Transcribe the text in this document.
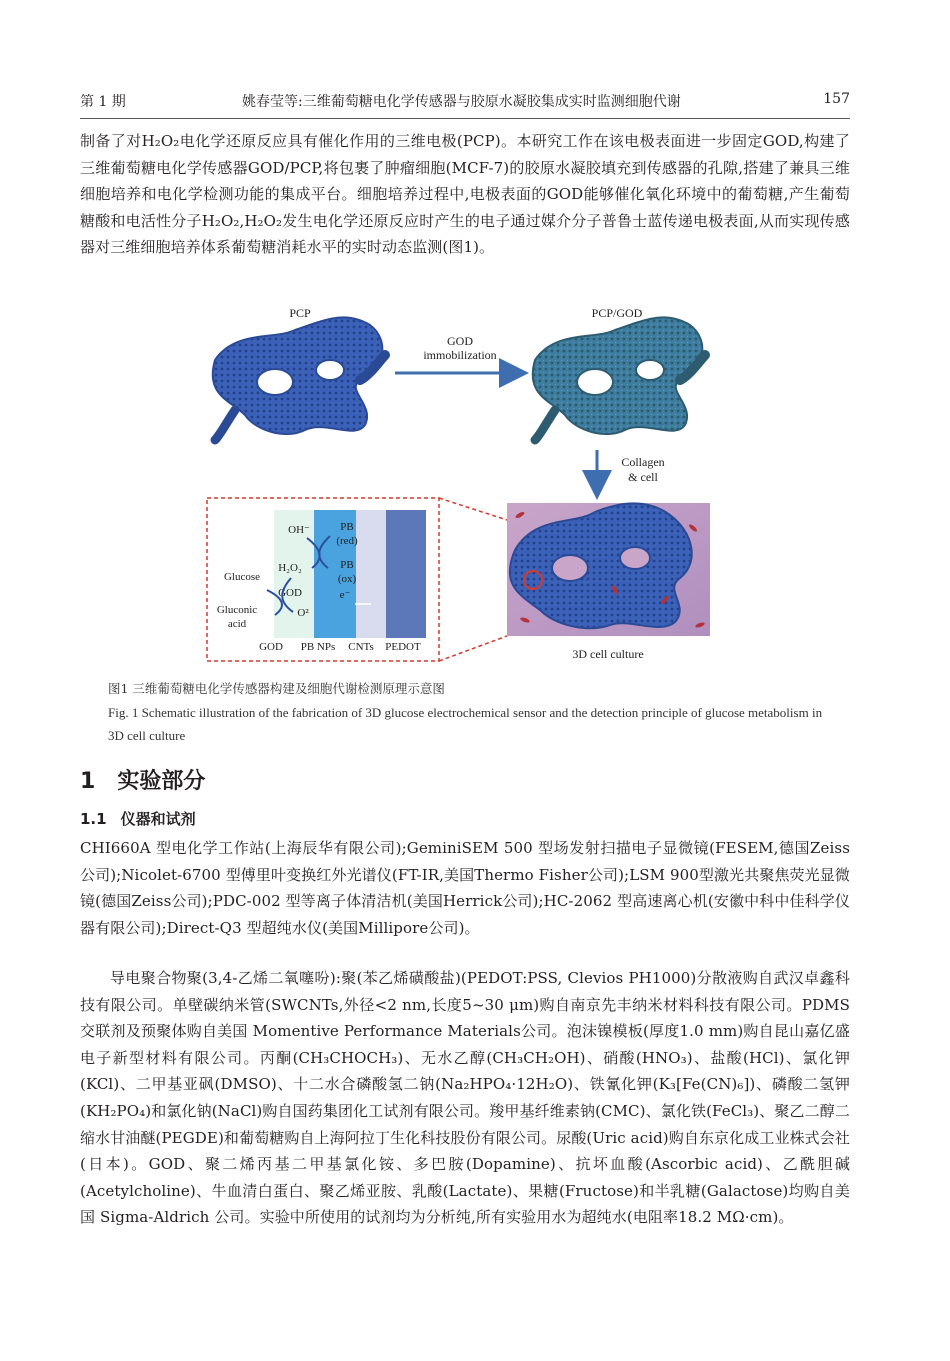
第 1 期	姚春莹等:三维葡萄糖电化学传感器与胶原水凝胶集成实时监测细胞代谢	157

制备了对H₂O₂电化学还原反应具有催化作用的三维电极(PCP)。本研究工作在该电极表面进一步固定GOD,构建了三维葡萄糖电化学传感器GOD/PCP,将包裹了肿瘤细胞(MCF-7)的胶原水凝胶填充到传感器的孔隙,搭建了兼具三维细胞培养和电化学检测功能的集成平台。细胞培养过程中,电极表面的GOD能够催化氧化环境中的葡萄糖,产生葡萄糖酸和电活性分子H₂O₂,H₂O₂发生电化学还原反应时产生的电子通过媒介分子普鲁士蓝传递电极表面,从而实现传感器对三维细胞培养体系葡萄糖消耗水平的实时动态监测(图1)。

PCP
GOD
immobilization
PCP/GOD
Collagen
& cell
3D cell culture
OH⁻	PB
(red)
H₂O₂	PB
(ox)
e⁻
Glucose
GOD
Gluconic
acid
O²
GOD PB NPs CNTs PEDOT
图1 三维葡萄糖电化学传感器构建及细胞代谢检测原理示意图
Fig. 1 Schematic illustration of the fabrication of 3D glucose electrochemical sensor and the detection principle of glucose metabolism in 3D cell culture
1 实验部分
1.1 仪器和试剂

CHI660A 型电化学工作站(上海辰华有限公司);GeminiSEM 500 型场发射扫描电子显微镜(FESEM,德国Zeiss公司);Nicolet-6700 型傅里叶变换红外光谱仪(FT-IR,美国Thermo Fisher公司);LSM 900型激光共聚焦荧光显微镜(德国Zeiss公司);PDC-002 型等离子体清洁机(美国Herrick公司);HC-2062 型高速离心机(安徽中科中佳科学仪器有限公司);Direct-Q3 型超纯水仪(美国Millipore公司)。

导电聚合物聚(3,4-乙烯二氧噻吩):聚(苯乙烯磺酸盐)(PEDOT:PSS, Clevios PH1000)分散液购自武汉卓鑫科技有限公司。单壁碳纳米管(SWCNTs,外径<2 nm,长度5~30 μm)购自南京先丰纳米材料科技有限公司。PDMS交联剂及预聚体购自美国 Momentive Performance Materials公司。泡沫镍模板(厚度1.0 mm)购自昆山嘉亿盛电子新型材料有限公司。丙酮(CH₃CHOCH₃)、无水乙醇(CH₃CH₂OH)、硝酸(HNO₃)、盐酸(HCl)、氯化钾(KCl)、二甲基亚砜(DMSO)、十二水合磷酸氢二钠(Na₂HPO₄·12H₂O)、铁氰化钾(K₃[Fe(CN)₆])、磷酸二氢钾(KH₂PO₄)和氯化钠(NaCl)购自国药集团化工试剂有限公司。羧甲基纤维素钠(CMC)、氯化铁(FeCl₃)、聚乙二醇二缩水甘油醚(PEGDE)和葡萄糖购自上海阿拉丁生化科技股份有限公司。尿酸(Uric acid)购自东京化成工业株式会社(日本)。GOD、聚二烯丙基二甲基氯化铵、多巴胺(Dopamine)、抗坏血酸(Ascorbic acid)、乙酰胆碱(Acetylcholine)、牛血清白蛋白、聚乙烯亚胺、乳酸(Lactate)、果糖(Fructose)和半乳糖(Galactose)均购自美国 Sigma-Aldrich 公司。实验中所使用的试剂均为分析纯,所有实验用水为超纯水(电阻率18.2 MΩ·cm)。
